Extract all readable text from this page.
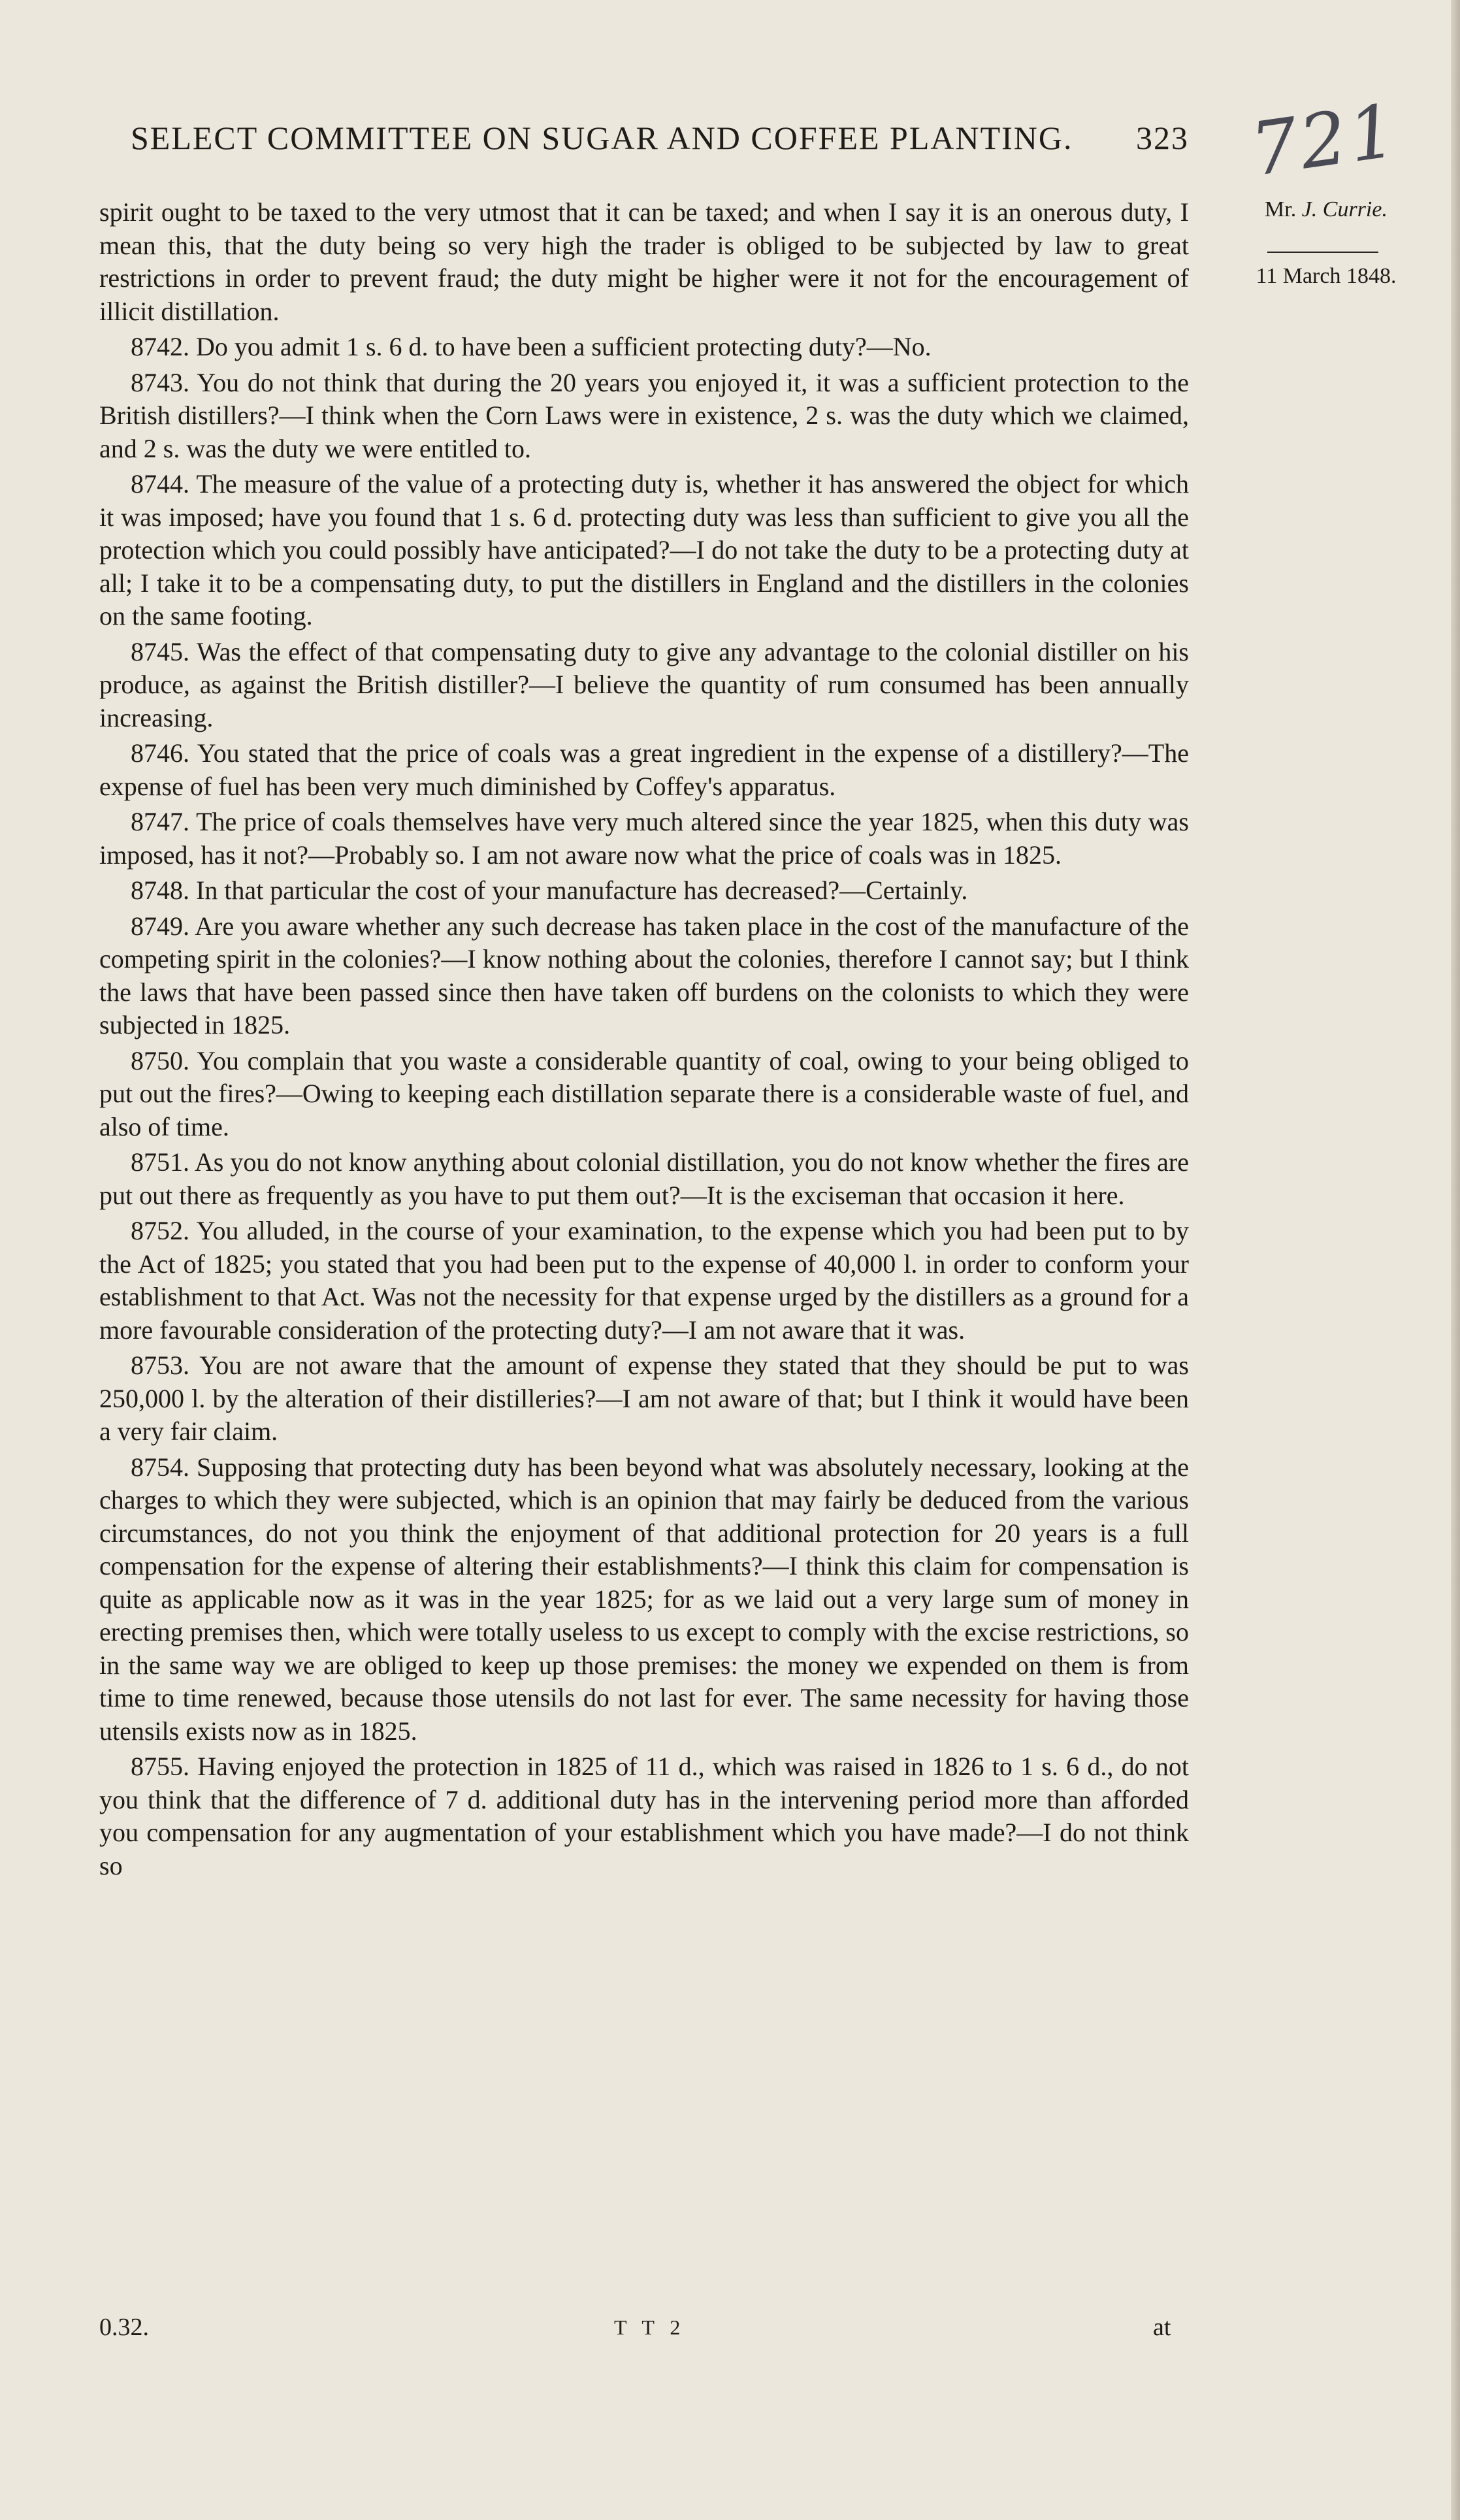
721
SELECT COMMITTEE ON SUGAR AND COFFEE PLANTING. 323
Mr. J. Currie.
11 March 1848.

spirit ought to be taxed to the very utmost that it can be taxed; and when I say it is an onerous duty, I mean this, that the duty being so very high the trader is obliged to be subjected by law to great restrictions in order to prevent fraud; the duty might be higher were it not for the encouragement of illicit distillation.

8742. Do you admit 1 s. 6 d. to have been a sufficient protecting duty?—No.

8743. You do not think that during the 20 years you enjoyed it, it was a sufficient protection to the British distillers?—I think when the Corn Laws were in existence, 2 s. was the duty which we claimed, and 2 s. was the duty we were entitled to.

8744. The measure of the value of a protecting duty is, whether it has answered the object for which it was imposed; have you found that 1 s. 6 d. protecting duty was less than sufficient to give you all the protection which you could possibly have anticipated?—I do not take the duty to be a protecting duty at all; I take it to be a compensating duty, to put the distillers in England and the distillers in the colonies on the same footing.

8745. Was the effect of that compensating duty to give any advantage to the colonial distiller on his produce, as against the British distiller?—I believe the quantity of rum consumed has been annually increasing.

8746. You stated that the price of coals was a great ingredient in the expense of a distillery?—The expense of fuel has been very much diminished by Coffey's apparatus.

8747. The price of coals themselves have very much altered since the year 1825, when this duty was imposed, has it not?—Probably so. I am not aware now what the price of coals was in 1825.

8748. In that particular the cost of your manufacture has decreased?—Certainly.

8749. Are you aware whether any such decrease has taken place in the cost of the manufacture of the competing spirit in the colonies?—I know nothing about the colonies, therefore I cannot say; but I think the laws that have been passed since then have taken off burdens on the colonists to which they were subjected in 1825.

8750. You complain that you waste a considerable quantity of coal, owing to your being obliged to put out the fires?—Owing to keeping each distillation separate there is a considerable waste of fuel, and also of time.

8751. As you do not know anything about colonial distillation, you do not know whether the fires are put out there as frequently as you have to put them out?—It is the exciseman that occasion it here.

8752. You alluded, in the course of your examination, to the expense which you had been put to by the Act of 1825; you stated that you had been put to the expense of 40,000 l. in order to conform your establishment to that Act. Was not the necessity for that expense urged by the distillers as a ground for a more favourable consideration of the protecting duty?—I am not aware that it was.

8753. You are not aware that the amount of expense they stated that they should be put to was 250,000 l. by the alteration of their distilleries?—I am not aware of that; but I think it would have been a very fair claim.

8754. Supposing that protecting duty has been beyond what was absolutely necessary, looking at the charges to which they were subjected, which is an opinion that may fairly be deduced from the various circumstances, do not you think the enjoyment of that additional protection for 20 years is a full compensation for the expense of altering their establishments?—I think this claim for compensation is quite as applicable now as it was in the year 1825; for as we laid out a very large sum of money in erecting premises then, which were totally useless to us except to comply with the excise restrictions, so in the same way we are obliged to keep up those premises: the money we expended on them is from time to time renewed, because those utensils do not last for ever. The same necessity for having those utensils exists now as in 1825.

8755. Having enjoyed the protection in 1825 of 11 d., which was raised in 1826 to 1 s. 6 d., do not you think that the difference of 7 d. additional duty has in the intervening period more than afforded you compensation for any augmentation of your establishment which you have made?—I do not think so

0.32.	T T 2	at
